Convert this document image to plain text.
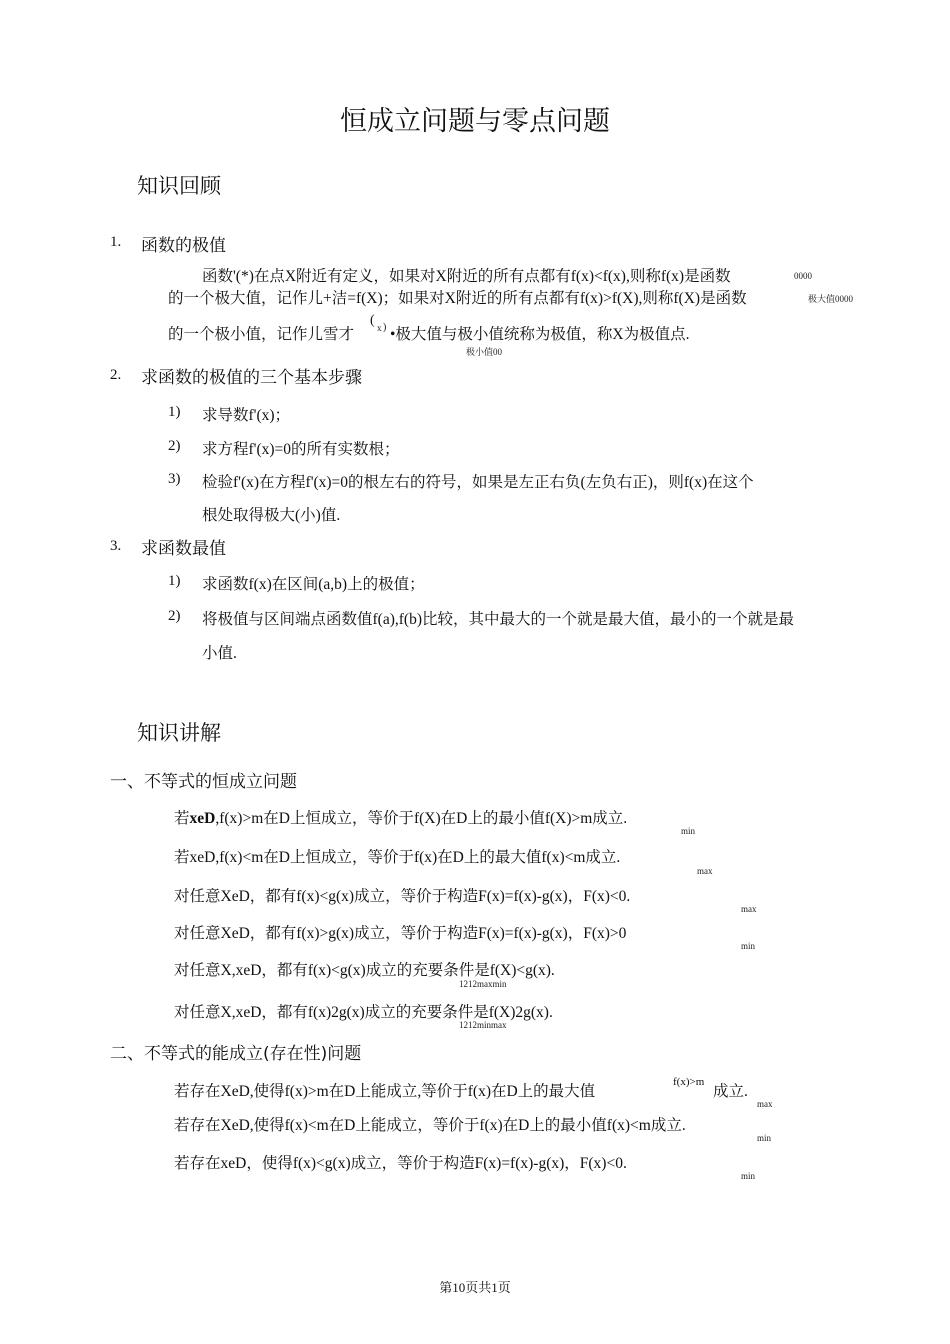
恒成立问题与零点问题
知识回顾
1. 函数的极值
函数'(*)在点X附近有定义，如果对X附近的所有点都有f(x)<f(x),则称f(x)是函数	0000
的一个极大值，记作儿+洁=f(X)；如果对X附近的所有点都有f(x)>f(X),则称f(X)是函数	极大值0000
的一个极小值，记作儿雪才
( x ) •极大值与极小值统称为极值，称X为极值点.
极小值00
2. 求函数的极值的三个基本步骤
1) 求导数f'(x)；
2) 求方程f'(x)=0的所有实数根；
3) 检验f'(x)在方程f'(x)=0的根左右的符号，如果是左正右负(左负右正)，则f(x)在这个
根处取得极大(小)值.
3. 求函数最值
1) 求函数f(x)在区间(a,b)上的极值；
2) 将极值与区间端点函数值f(a),f(b)比较，其中最大的一个就是最大值，最小的一个就是最
小值.
知识讲解
一、不等式的恒成立问题
若xeD,f(x)>m在D上恒成立，等价于f(X)在D上的最小值f(X)>m成立.
min
若xeD,f(x)<m在D上恒成立，等价于f(x)在D上的最大值f(x)<m成立.
max
对任意XeD，都有f(x)<g(x)成立，等价于构造F(x)=f(x)-g(x)，F(x)<0.
max
对任意XeD，都有f(x)>g(x)成立，等价于构造F(x)=f(x)-g(x)，F(x)>0
min
对任意X,xeD，都有f(x)<g(x)成立的充要条件是f(X)<g(x).
1212maxmin
对任意X,xeD，都有f(x)2g(x)成立的充要条件是f(X)2g(x).
1212minmax
二、不等式的能成立(存在性)问题
若存在XeD,使得f(x)>m在D上能成立,等价于f(x)在D上的最大值
f(x)>m
成立.
max
若存在XeD,使得f(x)<m在D上能成立，等价于f(x)在D上的最小值f(x)<m成立.
min
若存在xeD，使得f(x)<g(x)成立，等价于构造F(x)=f(x)-g(x)，F(x)<0.
min
第10页共1页
